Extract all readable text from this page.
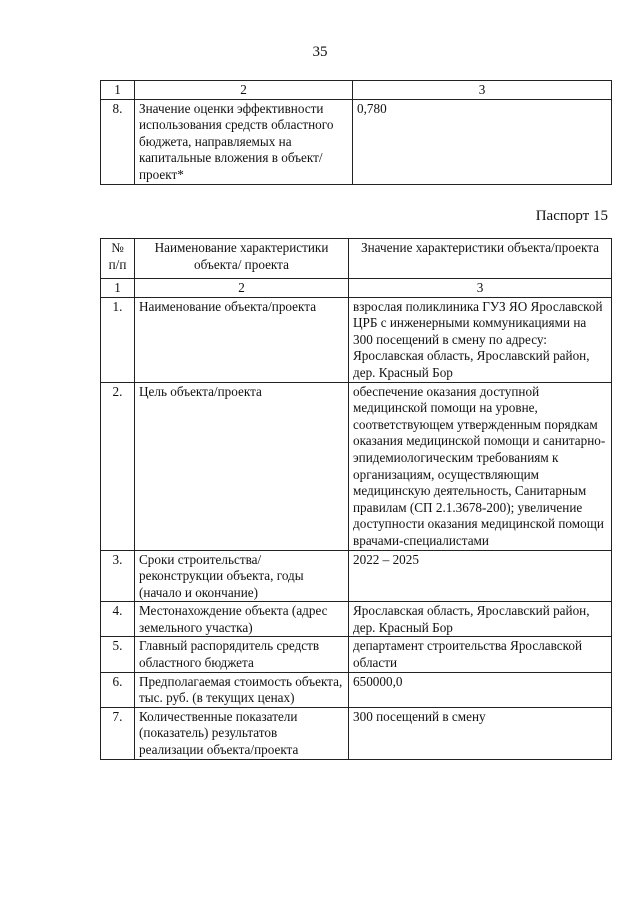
35
1	2	3
8.	Значение оценки эффективности использования средств областного бюджета, направляемых на капитальные вложения в объект/проект*	0,780
Паспорт 15
№ п/п	Наименование характеристики объекта/ проекта	Значение характеристики объекта/проекта
1	2	3
1.	Наименование объекта/проекта	взрослая поликлиника ГУЗ ЯО Ярославской ЦРБ с инженерными коммуникациями на 300 посещений в смену по адресу: Ярославская область, Ярославский район, дер. Красный Бор
2.	Цель объекта/проекта	обеспечение оказания доступной медицинской помощи на уровне, соответствующем утвержденным порядкам оказания медицинской помощи и санитарно-эпидемиологическим требованиям к организациям, осуществляющим медицинскую деятельность, Санитарным правилам (СП 2.1.3678-200); увеличение доступности оказания медицинской помощи врачами-специалистами
3.	Сроки строительства/реконструкции объекта, годы (начало и окончание)	2022 – 2025
4.	Местонахождение объекта (адрес земельного участка)	Ярославская область, Ярославский район, дер. Красный Бор
5.	Главный распорядитель средств областного бюджета	департамент строительства Ярославской области
6.	Предполагаемая стоимость объекта, тыс. руб. (в текущих ценах)	650000,0
7.	Количественные показатели (показатель) результатов реализации объекта/проекта	300 посещений в смену
